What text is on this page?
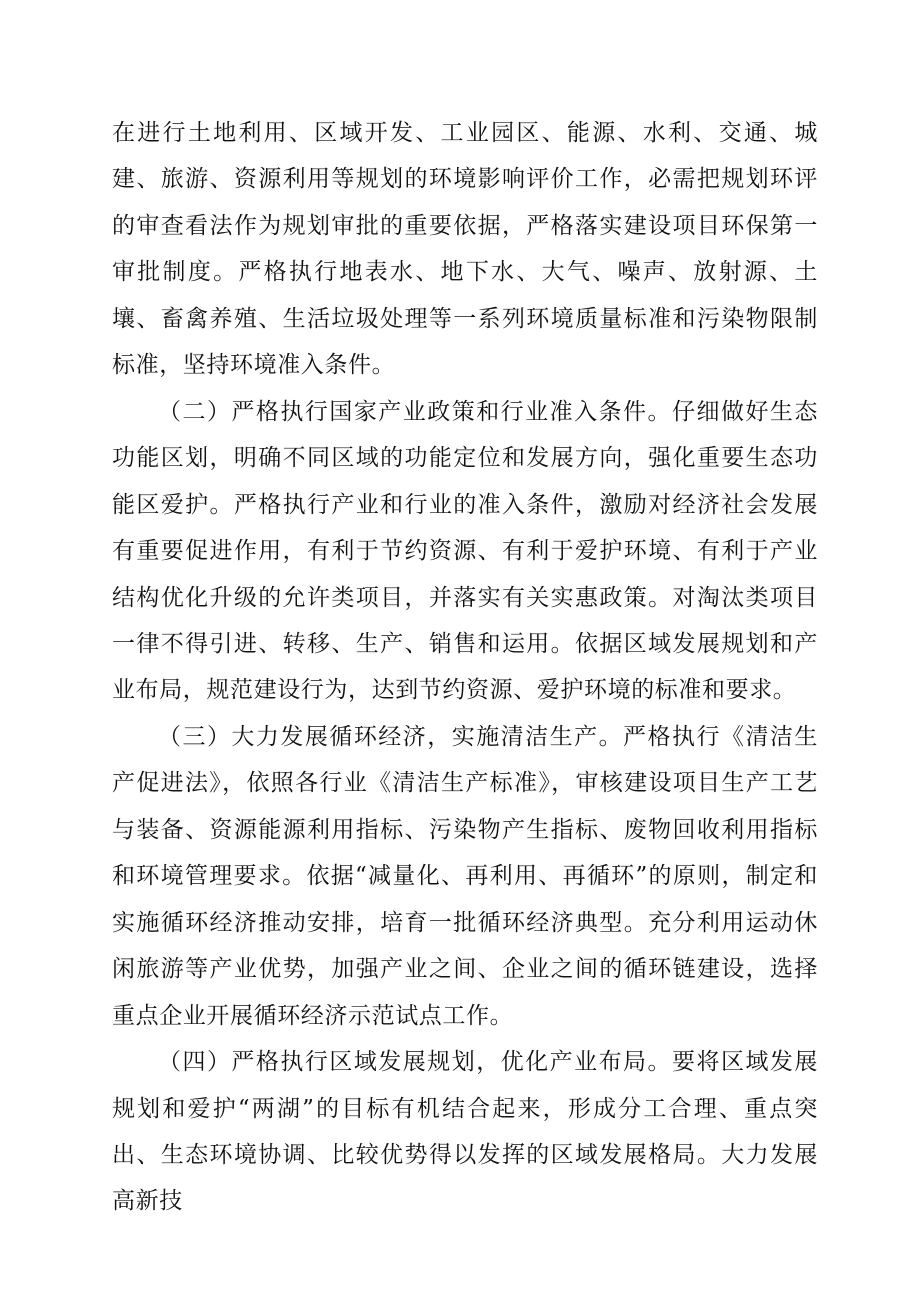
在进行土地利用、区域开发、工业园区、能源、水利、交通、城建、旅游、资源利用等规划的环境影响评价工作，必需把规划环评的审查看法作为规划审批的重要依据，严格落实建设项目环保第一审批制度。严格执行地表水、地下水、大气、噪声、放射源、土壤、畜禽养殖、生活垃圾处理等一系列环境质量标准和污染物限制标准，坚持环境准入条件。

（二）严格执行国家产业政策和行业准入条件。仔细做好生态功能区划，明确不同区域的功能定位和发展方向，强化重要生态功能区爱护。严格执行产业和行业的准入条件，激励对经济社会发展有重要促进作用，有利于节约资源、有利于爱护环境、有利于产业结构优化升级的允许类项目，并落实有关实惠政策。对淘汰类项目一律不得引进、转移、生产、销售和运用。依据区域发展规划和产业布局，规范建设行为，达到节约资源、爱护环境的标准和要求。

（三）大力发展循环经济，实施清洁生产。严格执行《清洁生产促进法》，依照各行业《清洁生产标准》，审核建设项目生产工艺与装备、资源能源利用指标、污染物产生指标、废物回收利用指标和环境管理要求。依据“减量化、再利用、再循环”的原则，制定和实施循环经济推动安排，培育一批循环经济典型。充分利用运动休闲旅游等产业优势，加强产业之间、企业之间的循环链建设，选择重点企业开展循环经济示范试点工作。

（四）严格执行区域发展规划，优化产业布局。要将区域发展规划和爱护“两湖”的目标有机结合起来，形成分工合理、重点突出、生态环境协调、比较优势得以发挥的区域发展格局。大力发展高新技
